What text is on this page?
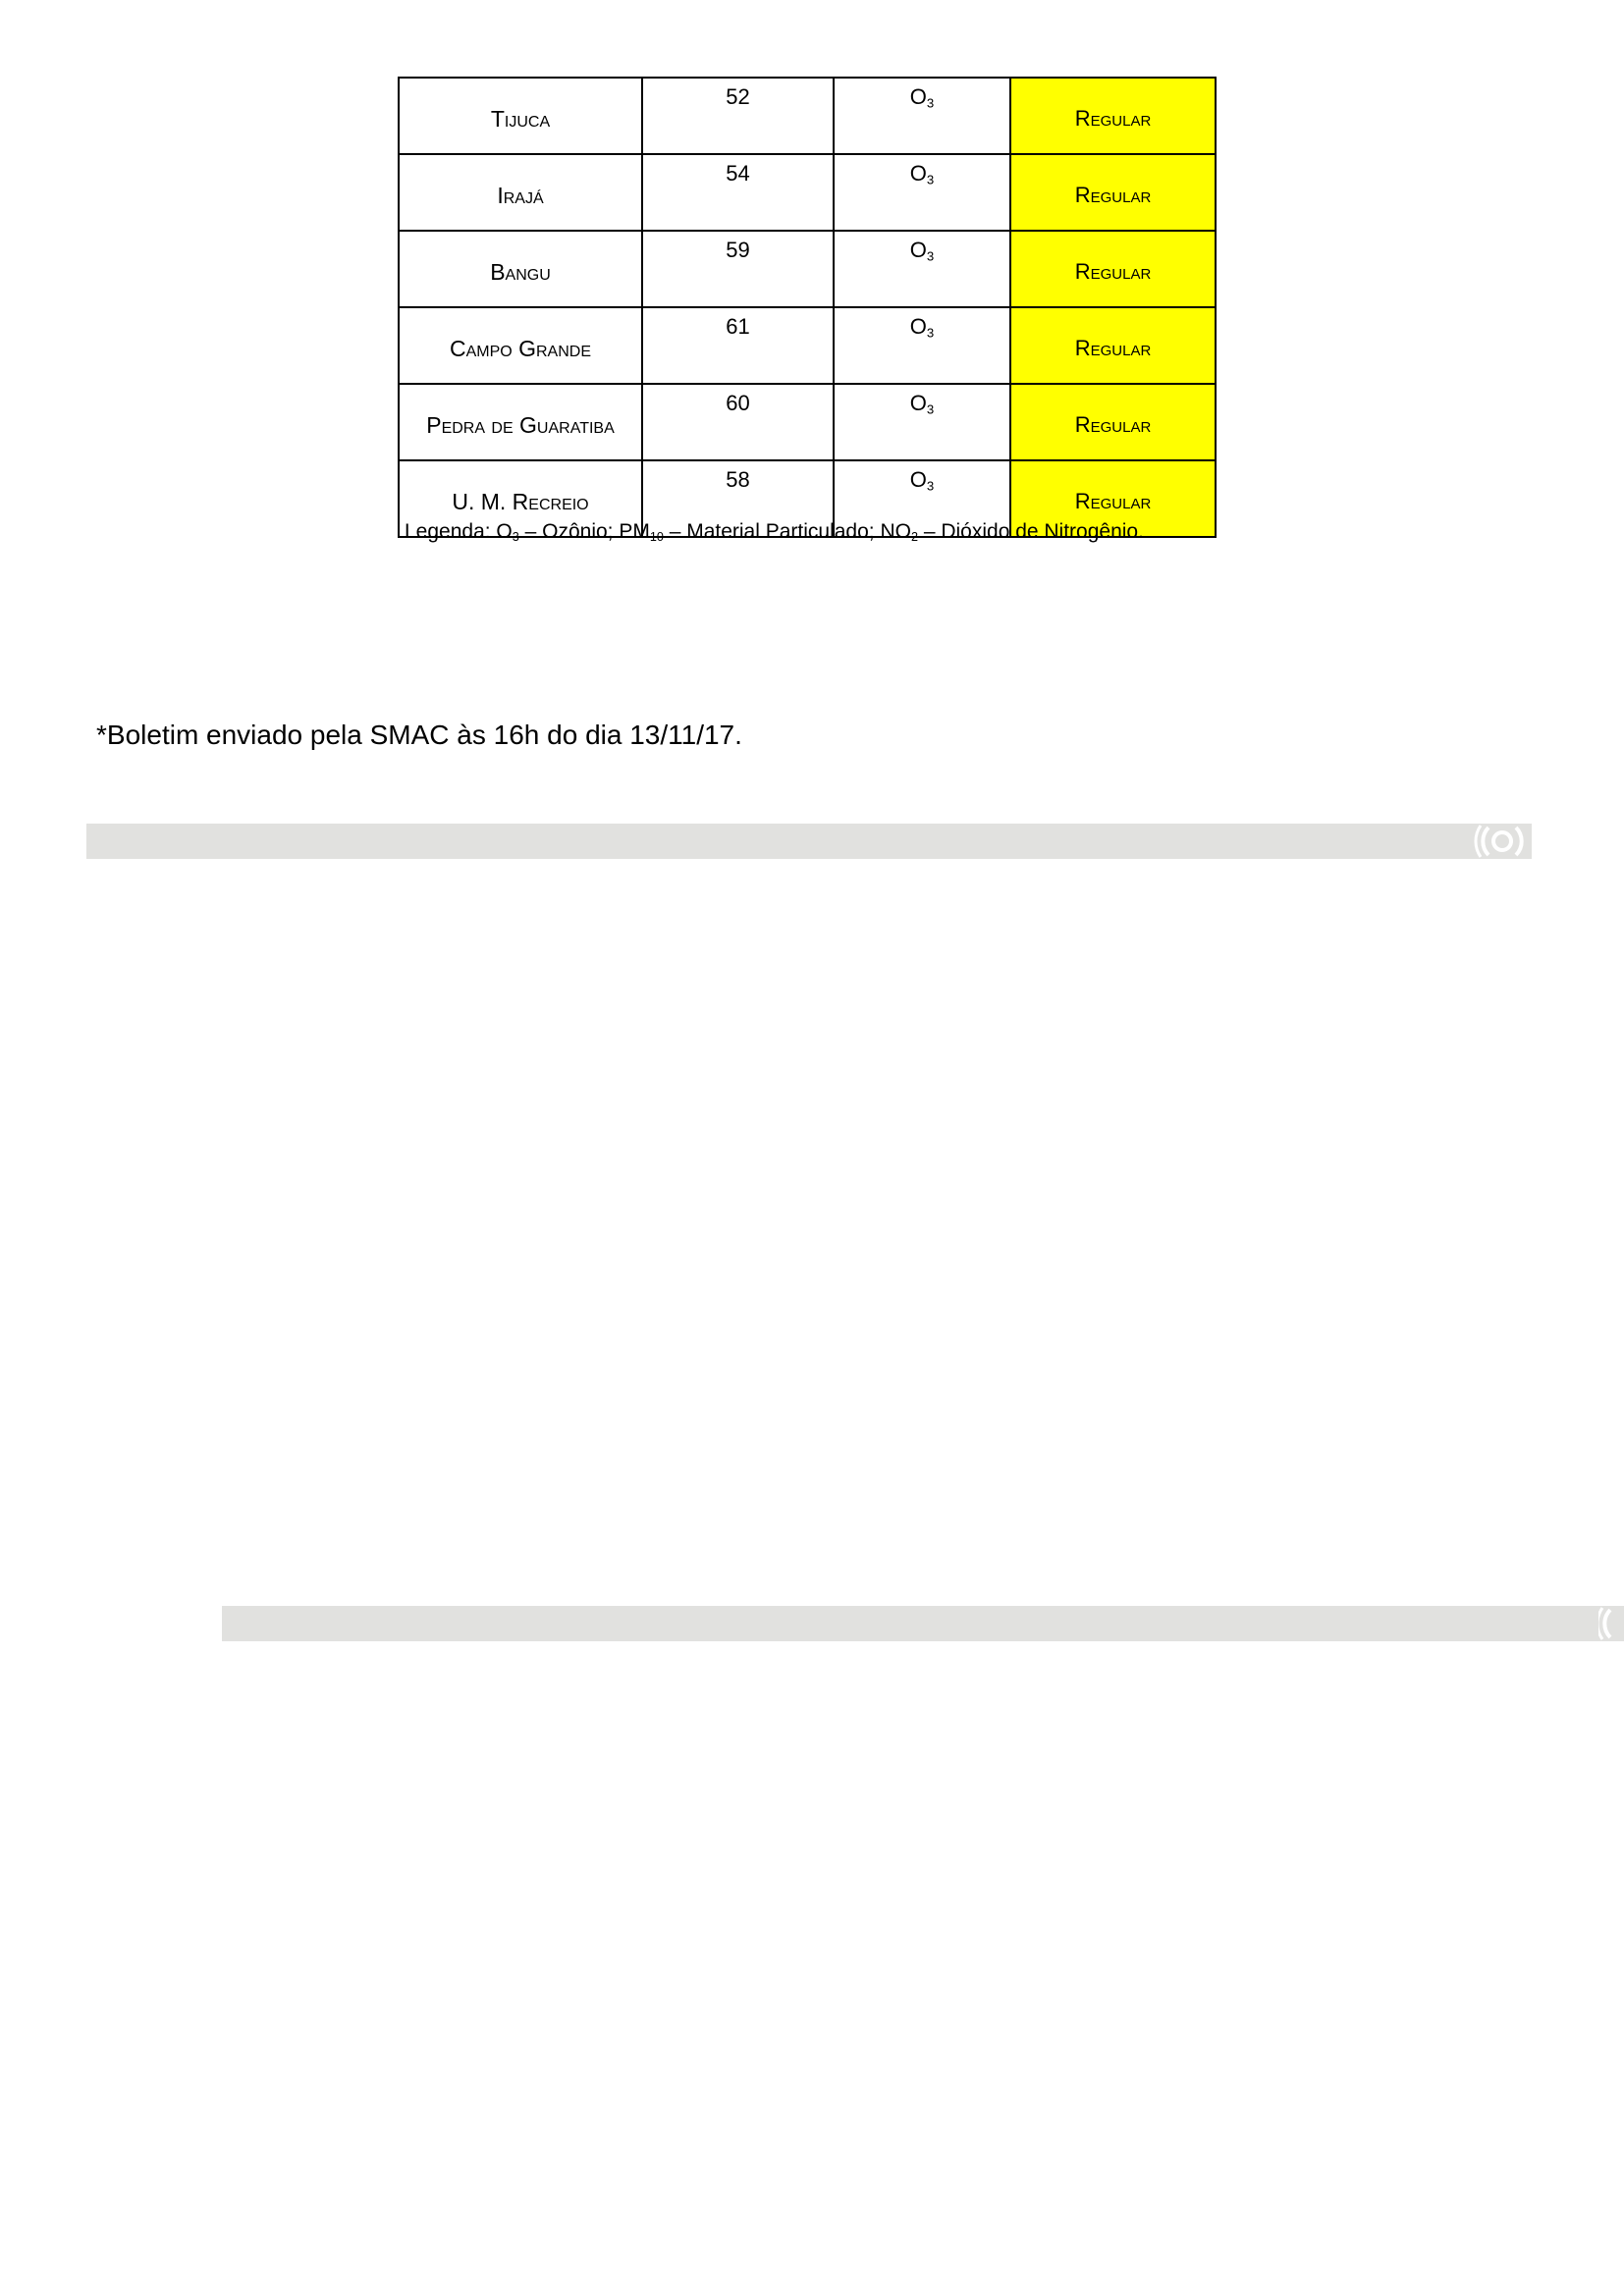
Tijuca	52	$O_3$	Regular
Irajá	54	$O_3$	Regular
Bangu	59	$O_3$	Regular
Campo Grande	61	$O_3$	Regular
Pedra de Guaratiba	60	$O_3$	Regular
U. M. Recreio	58	$O_3$	Regular
Legenda: $O_3$ – Ozônio; $PM_{10}$ – Material Particulado; $NO_2$ – Dióxido de Nitrogênio.
*Boletim enviado pela SMAC às 16h do dia 13/11/17.
